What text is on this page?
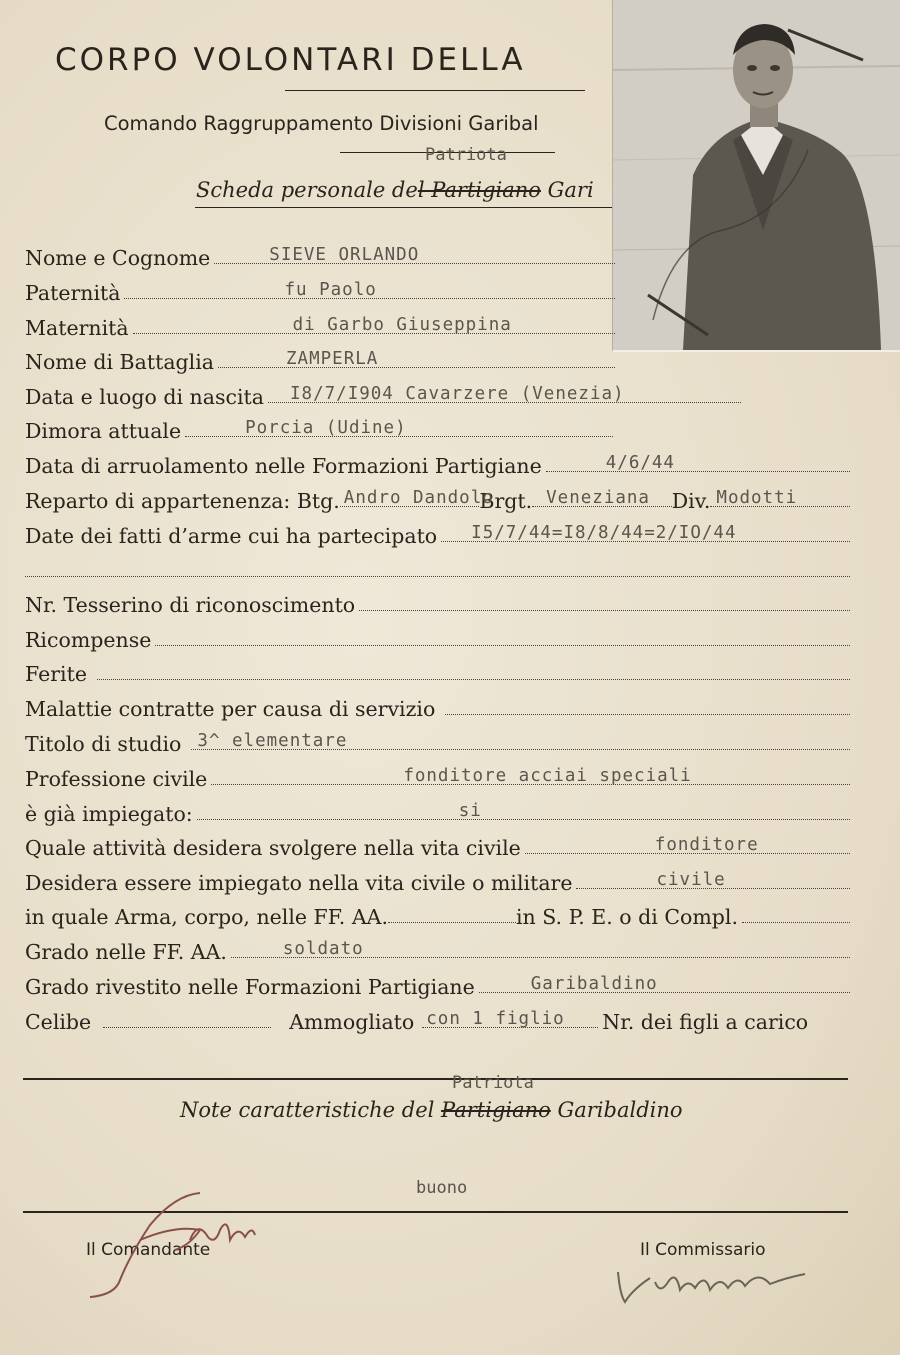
CORPO VOLONTARI DELLA
Comando Raggruppamento Divisioni Garibal
Patriota
Scheda personale del Partigiano Gari
Nome e Cognome	SIEVE ORLANDO
Paternità	fu Paolo
Maternità	di Garbo Giuseppina
Nome di Battaglia	ZAMPERLA
Data e luogo di nascita I8/7/I904 Cavarzere (Venezia)
Dimora attuale	Porcia (Udine)
Data di arruolamento nelle Formazioni Partigiane	4/6/44
Reparto di appartenenza: Btg. Andro Dandolo
Brgt. Veneziana Div. Modotti
Date dei fatti d’arme cui ha partecipato I5/7/44=I8/8/44=2/IO/44
Nr. Tesserino di riconoscimento
Ricompense
Ferite
Malattie contratte per causa di servizio
Titolo di studio 3^ elementare
Professione civile	fonditore acciai speciali
è già impiegato:	si
Quale attività desidera svolgere nella vita civile	fonditore
Desidera essere impiegato nella vita civile o militare	civile
in quale Arma, corpo, nelle FF. AA.	in S. P. E. o di Compl.
Grado nelle FF. AA.	soldato
Grado rivestito nelle Formazioni Partigiane	Garibaldino
Celibe	Ammogliato con 1 figlio Nr. dei figli a carico
Patriota
Note caratteristiche del Partigiano Garibaldino
buono
Il Comandante	Il Commissario
